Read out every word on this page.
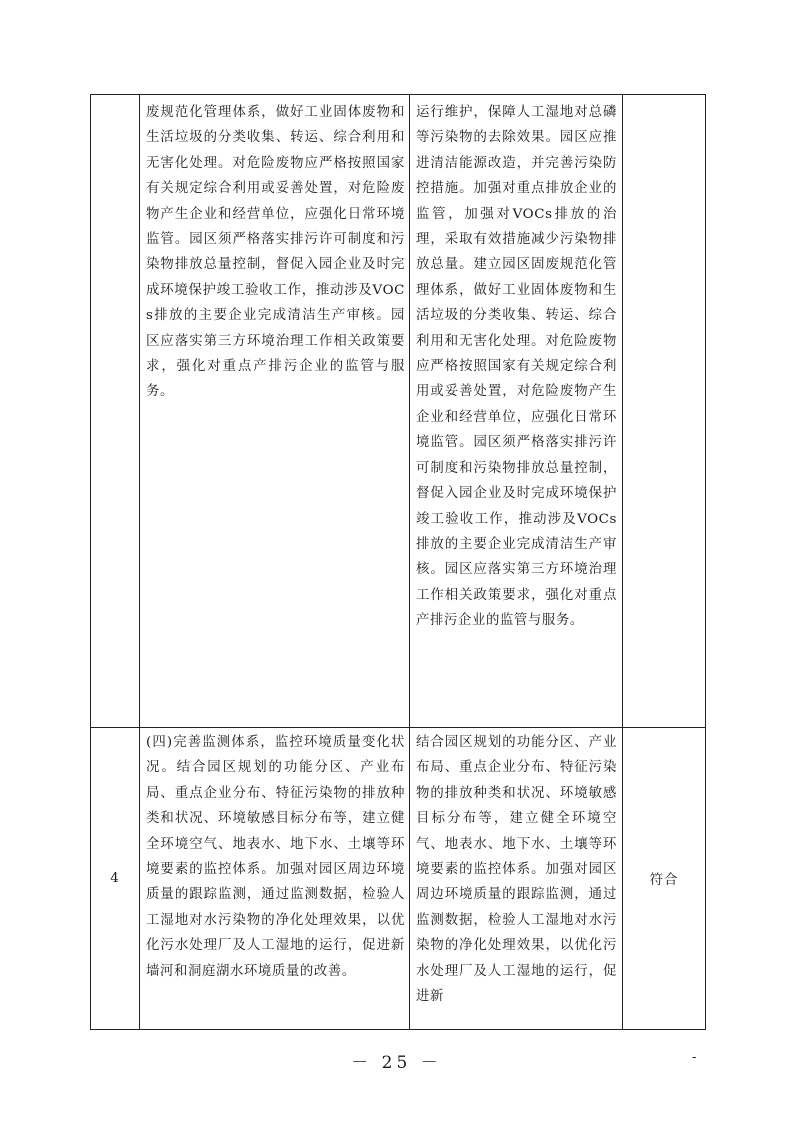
	废规范化管理体系，做好工业固体废物和生活垃圾的分类收集、转运、综合利用和无害化处理。对危险废物应严格按照国家有关规定综合利用或妥善处置，对危险废物产生企业和经营单位，应强化日常环境监管。园区须严格落实排污许可制度和污染物排放总量控制，督促入园企业及时完成环境保护竣工验收工作，推动涉及VOCs排放的主要企业完成清洁生产审核。园区应落实第三方环境治理工作相关政策要求，强化对重点产排污企业的监管与服务。	运行维护，保障人工湿地对总磷等污染物的去除效果。园区应推进清洁能源改造，并完善污染防控措施。加强对重点排放企业的监管，加强对VOCs排放的治理，采取有效措施减少污染物排放总量。建立园区固废规范化管理体系，做好工业固体废物和生活垃圾的分类收集、转运、综合利用和无害化处理。对危险废物应严格按照国家有关规定综合利用或妥善处置，对危险废物产生企业和经营单位，应强化日常环境监管。园区须严格落实排污许可制度和污染物排放总量控制，督促入园企业及时完成环境保护竣工验收工作，推动涉及VOCs排放的主要企业完成清洁生产审核。园区应落实第三方环境治理工作相关政策要求，强化对重点产排污企业的监管与服务。	

4	(四)完善监测体系，监控环境质量变化状况。结合园区规划的功能分区、产业布局、重点企业分布、特征污染物的排放种类和状况、环境敏感目标分布等，建立健全环境空气、地表水、地下水、土壤等环境要素的监控体系。加强对园区周边环境质量的跟踪监测，通过监测数据，检验人工湿地对水污染物的净化处理效果，以优化污水处理厂及人工湿地的运行，促进新墙河和洞庭湖水环境质量的改善。	结合园区规划的功能分区、产业布局、重点企业分布、特征污染物的排放种类和状况、环境敏感目标分布等，建立健全环境空气、地表水、地下水、土壤等环境要素的监控体系。加强对园区周边环境质量的跟踪监测，通过监测数据，检验人工湿地对水污染物的净化处理效果，以优化污水处理厂及人工湿地的运行，促进新	符合
－ 25 －	-
